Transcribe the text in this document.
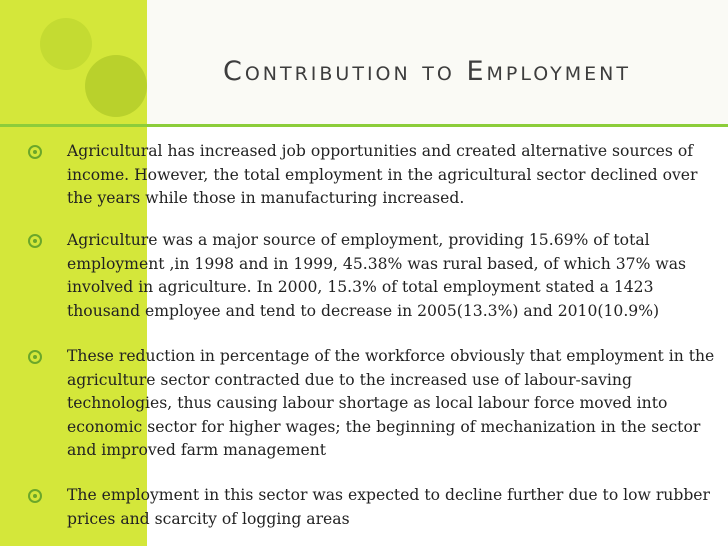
Contribution to Employment
Agricultural has increased job opportunities and created alternative sources of income. However, the total employment in the agricultural sector declined over the years while those in manufacturing increased.
Agriculture was a major source of employment, providing 15.69% of total employment ,in 1998 and in 1999, 45.38% was rural based, of which 37% was involved in agriculture. In 2000, 15.3% of total employment stated a 1423 thousand employee and tend to decrease in 2005(13.3%) and 2010(10.9%)
These reduction in percentage of the workforce obviously that employment in the agriculture sector contracted due to the increased use of labour-saving technologies, thus causing labour shortage as local labour force moved into economic sector for higher wages; the beginning of mechanization in the sector and improved farm management
The employment in this sector was expected to decline further due to low rubber prices and scarcity of logging areas
